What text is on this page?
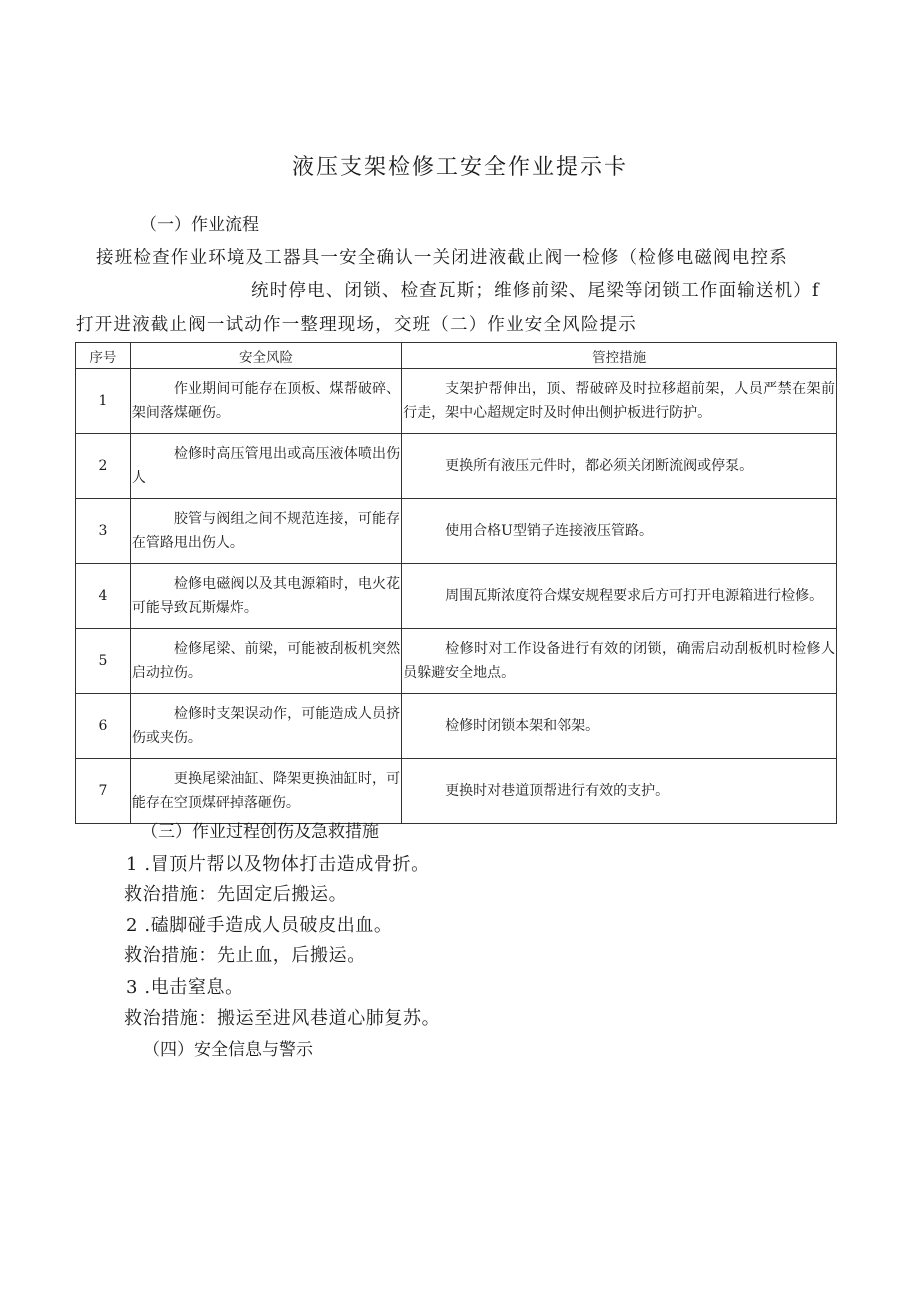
液压支架检修工安全作业提示卡
（一）作业流程
接班检查作业环境及工器具一安全确认一关闭进液截止阀一检修（检修电磁阀电控系
统时停电、闭锁、检查瓦斯；维修前梁、尾梁等闭锁工作面输送机）f
打开进液截止阀一试动作一整理现场，交班（二）作业安全风险提示
序号	安全风险	管控措施
1	作业期间可能存在顶板、煤帮破碎、架间落煤砸伤。	支架护帮伸出，顶、帮破碎及时拉移超前架，人员严禁在架前行走，架中心超规定时及时伸出侧护板进行防护。
2	检修时高压管甩出或高压液体喷出伤人	更换所有液压元件时，都必须关闭断流阀或停泵。
3	胶管与阀组之间不规范连接，可能存在管路甩出伤人。	使用合格U型销子连接液压管路。
4	检修电磁阀以及其电源箱时，电火花可能导致瓦斯爆炸。	周围瓦斯浓度符合煤安规程要求后方可打开电源箱进行检修。
5	检修尾梁、前梁，可能被刮板机突然启动拉伤。	检修时对工作设备进行有效的闭锁，确需启动刮板机时检修人员躲避安全地点。
6	检修时支架误动作，可能造成人员挤伤或夹伤。	检修时闭锁本架和邻架。
7	更换尾梁油缸、降架更换油缸时，可能存在空顶煤砰掉落砸伤。	更换时对巷道顶帮进行有效的支护。
（三）作业过程创伤及急救措施
1 .冒顶片帮以及物体打击造成骨折。
救治措施：先固定后搬运。
2 .磕脚碰手造成人员破皮出血。
救治措施：先止血，后搬运。
3 .电击窒息。
救治措施：搬运至进风巷道心肺复苏。
（四）安全信息与警示
